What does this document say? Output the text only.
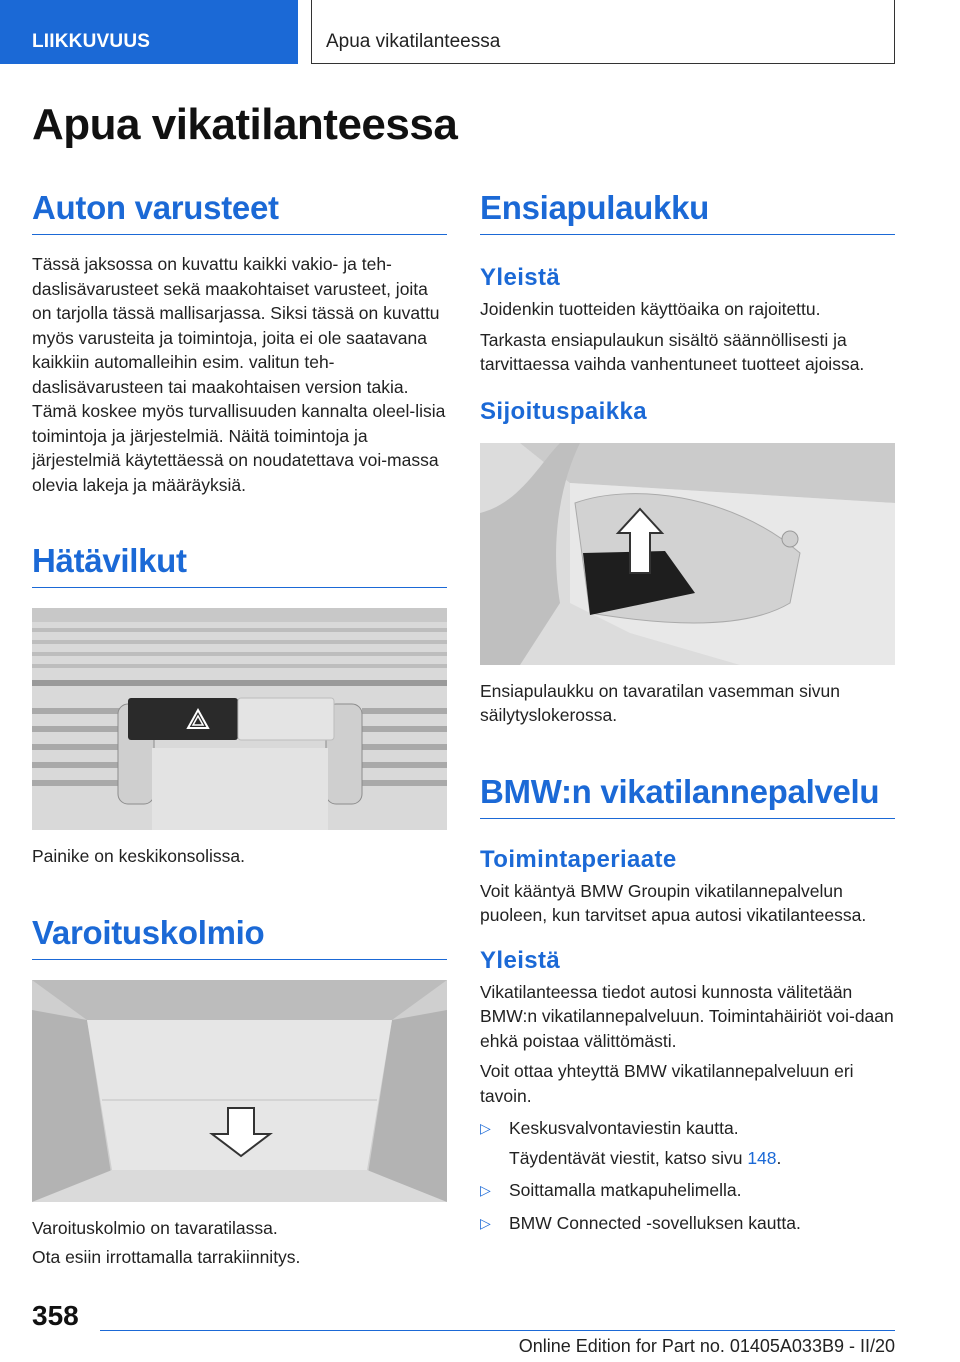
LIIKKUVUUS	Apua vikatilanteessa
Apua vikatilanteessa
Auton varusteet

Tässä jaksossa on kuvattu kaikki vakio- ja teh-daslisävarusteet sekä maakohtaiset varusteet, joita on tarjolla tässä mallisarjassa. Siksi tässä on kuvattu myös varusteita ja toimintoja, joita ei ole saatavana kaikkiin automalleihin esim. valitun teh-daslisävarusteen tai maakohtaisen version takia. Tämä koskee myös turvallisuuden kannalta oleel-lisia toimintoja ja järjestelmiä. Näitä toimintoja ja järjestelmiä käytettäessä on noudatettava voi-massa olevia lakeja ja määräyksiä.

Hätävilkut

Painike on keskikonsolissa.

Varoituskolmio

Varoituskolmio on tavaratilassa.

Ota esiin irrottamalla tarrakiinnitys.

Ensiapulaukku
Yleistä

Joidenkin tuotteiden käyttöaika on rajoitettu.

Tarkasta ensiapulaukun sisältö säännöllisesti ja tarvittaessa vaihda vanhentuneet tuotteet ajoissa.

Sijoituspaikka

Ensiapulaukku on tavaratilan vasemman sivun säilytyslokerossa.

BMW:n vikatilannepalvelu
Toimintaperiaate

Voit kääntyä BMW Groupin vikatilannepalvelun puoleen, kun tarvitset apua autosi vikatilanteessa.

Yleistä

Vikatilanteessa tiedot autosi kunnosta välitetään BMW:n vikatilannepalveluun. Toimintahäiriöt voi-daan ehkä poistaa välittömästi.

Voit ottaa yhteyttä BMW vikatilannepalveluun eri tavoin.

▷ Keskusvalvontaviestin kautta.
Täydentävät viestit, katso sivu 148.
▷ Soittamalla matkapuhelimella.
▷ BMW Connected -sovelluksen kautta.
358
Online Edition for Part no. 01405A033B9 - II/20
